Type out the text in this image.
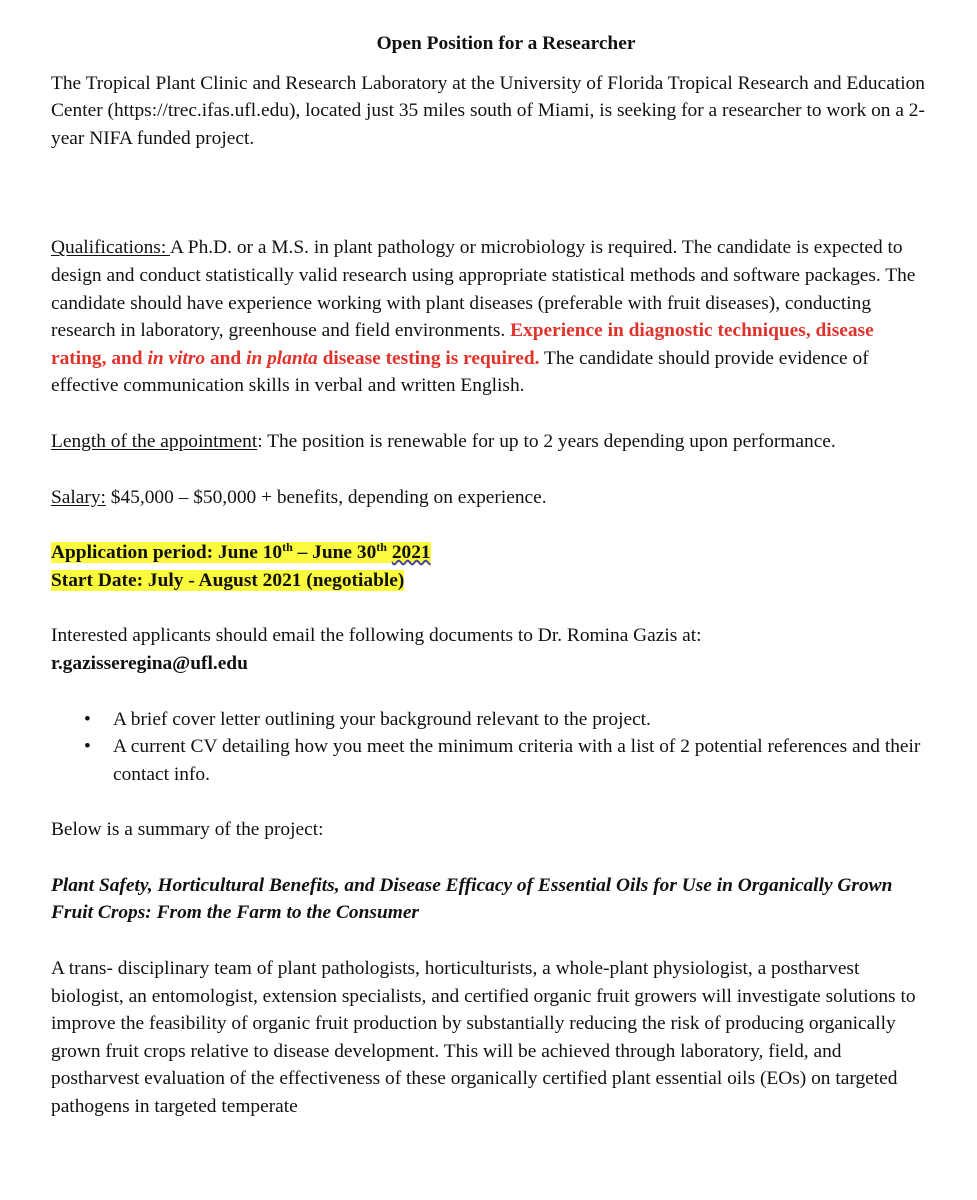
Open Position for a Researcher

The Tropical Plant Clinic and Research Laboratory at the University of Florida Tropical Research and Education Center (https://trec.ifas.ufl.edu), located just 35 miles south of Miami, is seeking for a researcher to work on a 2-year NIFA funded project.

Qualifications: A Ph.D. or a M.S. in plant pathology or microbiology is required. The candidate is expected to design and conduct statistically valid research using appropriate statistical methods and software packages. The candidate should have experience working with plant diseases (preferable with fruit diseases), conducting research in laboratory, greenhouse and field environments. Experience in diagnostic techniques, disease rating, and in vitro and in planta disease testing is required. The candidate should provide evidence of effective communication skills in verbal and written English.

Length of the appointment: The position is renewable for up to 2 years depending upon performance.

Salary: $45,000 – $50,000 + benefits, depending on experience.

Application period: June 10th – June 30th 2021

Start Date: July - August 2021 (negotiable)

Interested applicants should email the following documents to Dr. Romina Gazis at:

r.gazisseregina@ufl.edu

• A brief cover letter outlining your background relevant to the project.
• A current CV detailing how you meet the minimum criteria with a list of 2 potential references and their contact info.

Below is a summary of the project:

Plant Safety, Horticultural Benefits, and Disease Efficacy of Essential Oils for Use in Organically Grown Fruit Crops: From the Farm to the Consumer

A trans- disciplinary team of plant pathologists, horticulturists, a whole-plant physiologist, a postharvest biologist, an entomologist, extension specialists, and certified organic fruit growers will investigate solutions to improve the feasibility of organic fruit production by substantially reducing the risk of producing organically grown fruit crops relative to disease development. This will be achieved through laboratory, field, and postharvest evaluation of the effectiveness of these organically certified plant essential oils (EOs) on targeted pathogens in targeted temperate
